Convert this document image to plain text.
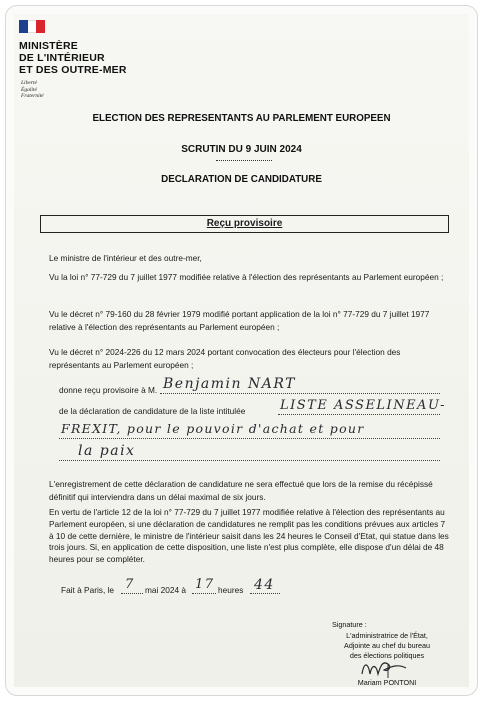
MINISTÈRE
DE L'INTÉRIEUR
ET DES OUTRE-MER
Liberté
Égalité
Fraternité
ELECTION DES REPRESENTANTS AU PARLEMENT EUROPEEN
SCRUTIN DU 9 JUIN 2024
DECLARATION DE CANDIDATURE
Reçu provisoire
Le ministre de l'intérieur et des outre-mer,
Vu la loi n° 77-729 du 7 juillet 1977 modifiée relative à l'élection des représentants au Parlement européen ;
Vu le décret n° 79-160 du 28 février 1979 modifié portant application de la loi n° 77-729 du 7 juillet 1977 relative à l'élection des représentants au Parlement européen ;
Vu le décret n° 2024-226 du 12 mars 2024 portant convocation des électeurs pour l'élection des représentants au Parlement européen ;
donne reçu provisoire à M. Benjamin NART
de la déclaration de candidature de la liste intitulée	LISTE ASSELINEAU-
FREXIT, pour le pouvoir d'achat et pour
la paix
L'enregistrement de cette déclaration de candidature ne sera effectué que lors de la remise du récépissé définitif qui interviendra dans un délai maximal de six jours.
En vertu de l'article 12 de la loi n° 77-729 du 7 juillet 1977 modifiée relative à l'élection des représentants au Parlement européen, si une déclaration de candidatures ne remplit pas les conditions prévues aux articles 7 à 10 de cette dernière, le ministre de l'intérieur saisit dans les 24 heures le Conseil d'Etat, qui statue dans les trois jours. Si, en application de cette disposition, une liste n'est plus complète, elle dispose d'un délai de 48 heures pour se compléter.
Fait à Paris, le 7 mai 2024 à 17 heures 44
Signature :
L'administratrice de l'État,
Adjointe au chef du bureau
des élections politiques
Mariam PONTONI
